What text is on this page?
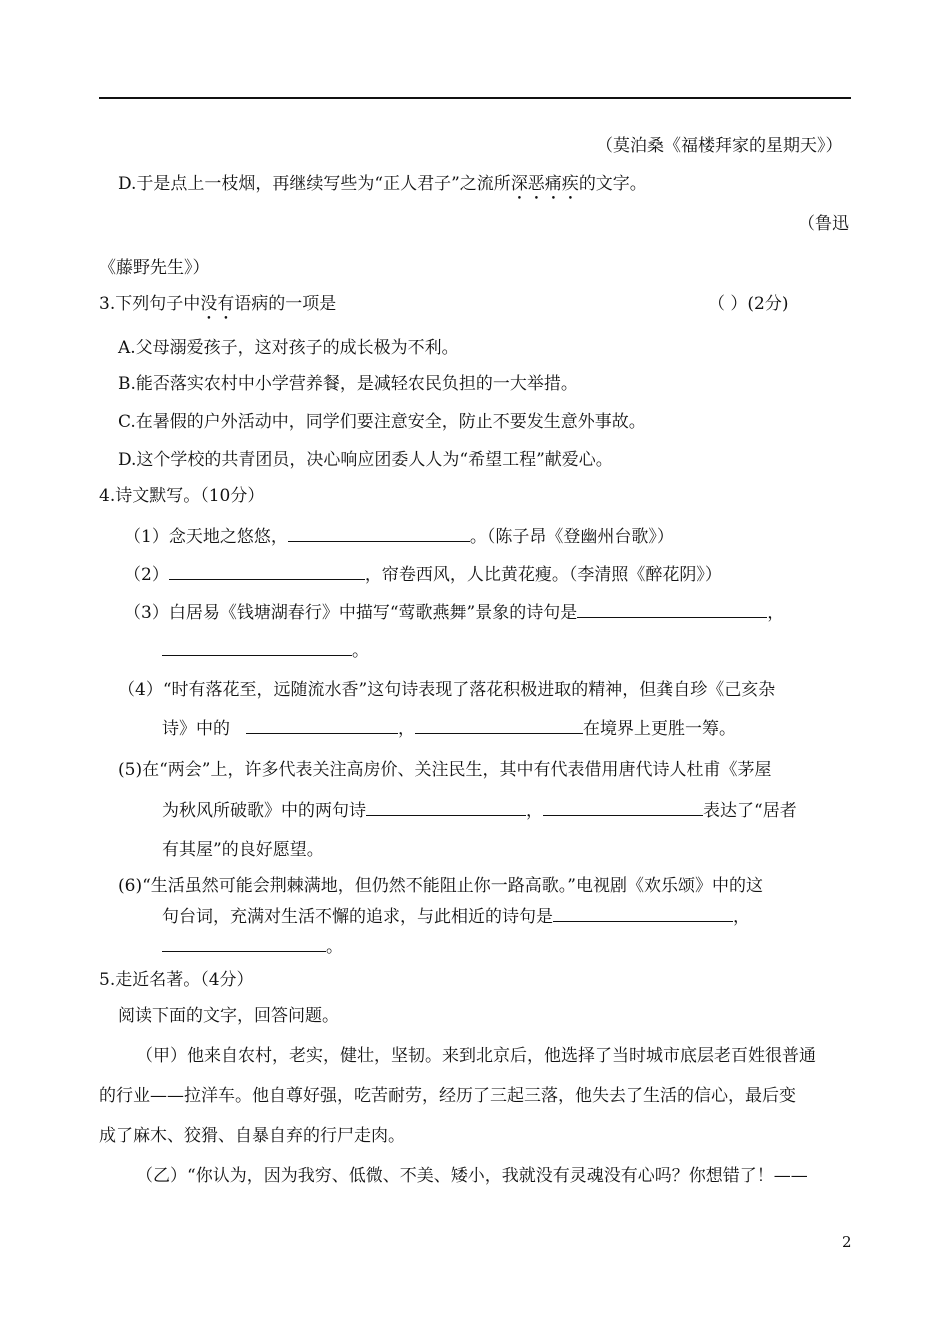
（莫泊桑《福楼拜家的星期天》）
D.于是点上一枝烟，再继续写些为“正人君子”之流所深恶痛疾的文字。
（鲁迅
《藤野先生》）
3.下列句子中没有语病的一项是	（ ）(2分)
A.父母溺爱孩子，这对孩子的成长极为不利。
B.能否落实农村中小学营养餐，是减轻农民负担的一大举措。
C.在暑假的户外活动中，同学们要注意安全，防止不要发生意外事故。
D.这个学校的共青团员，决心响应团委人人为“希望工程”献爱心。
4.诗文默写。（10分）
（1）念天地之悠悠，	。（陈子昂《登幽州台歌》）
（2）	，帘卷西风，人比黄花瘦。（李清照《醉花阴》）
（3）白居易《钱塘湖春行》中描写“莺歌燕舞”景象的诗句是	，
。
（4）“时有落花至，远随流水香”这句诗表现了落花积极进取的精神，但龚自珍《己亥杂
诗》中的	，	在境界上更胜一筹。
(5)在“两会”上，许多代表关注高房价、关注民生，其中有代表借用唐代诗人杜甫《茅屋
为秋风所破歌》中的两句诗	，	表达了“居者
有其屋”的良好愿望。
(6)“生活虽然可能会荆棘满地，但仍然不能阻止你一路高歌。”电视剧《欢乐颂》中的这
句台词，充满对生活不懈的追求，与此相近的诗句是	，
。
5.走近名著。（4分）
阅读下面的文字，回答问题。
（甲）他来自农村，老实，健壮，坚韧。来到北京后，他选择了当时城市底层老百姓很普通
的行业——拉洋车。他自尊好强，吃苦耐劳，经历了三起三落，他失去了生活的信心，最后变
成了麻木、狡猾、自暴自弃的行尸走肉。
（乙）“你认为，因为我穷、低微、不美、矮小，我就没有灵魂没有心吗？你想错了！——
2
